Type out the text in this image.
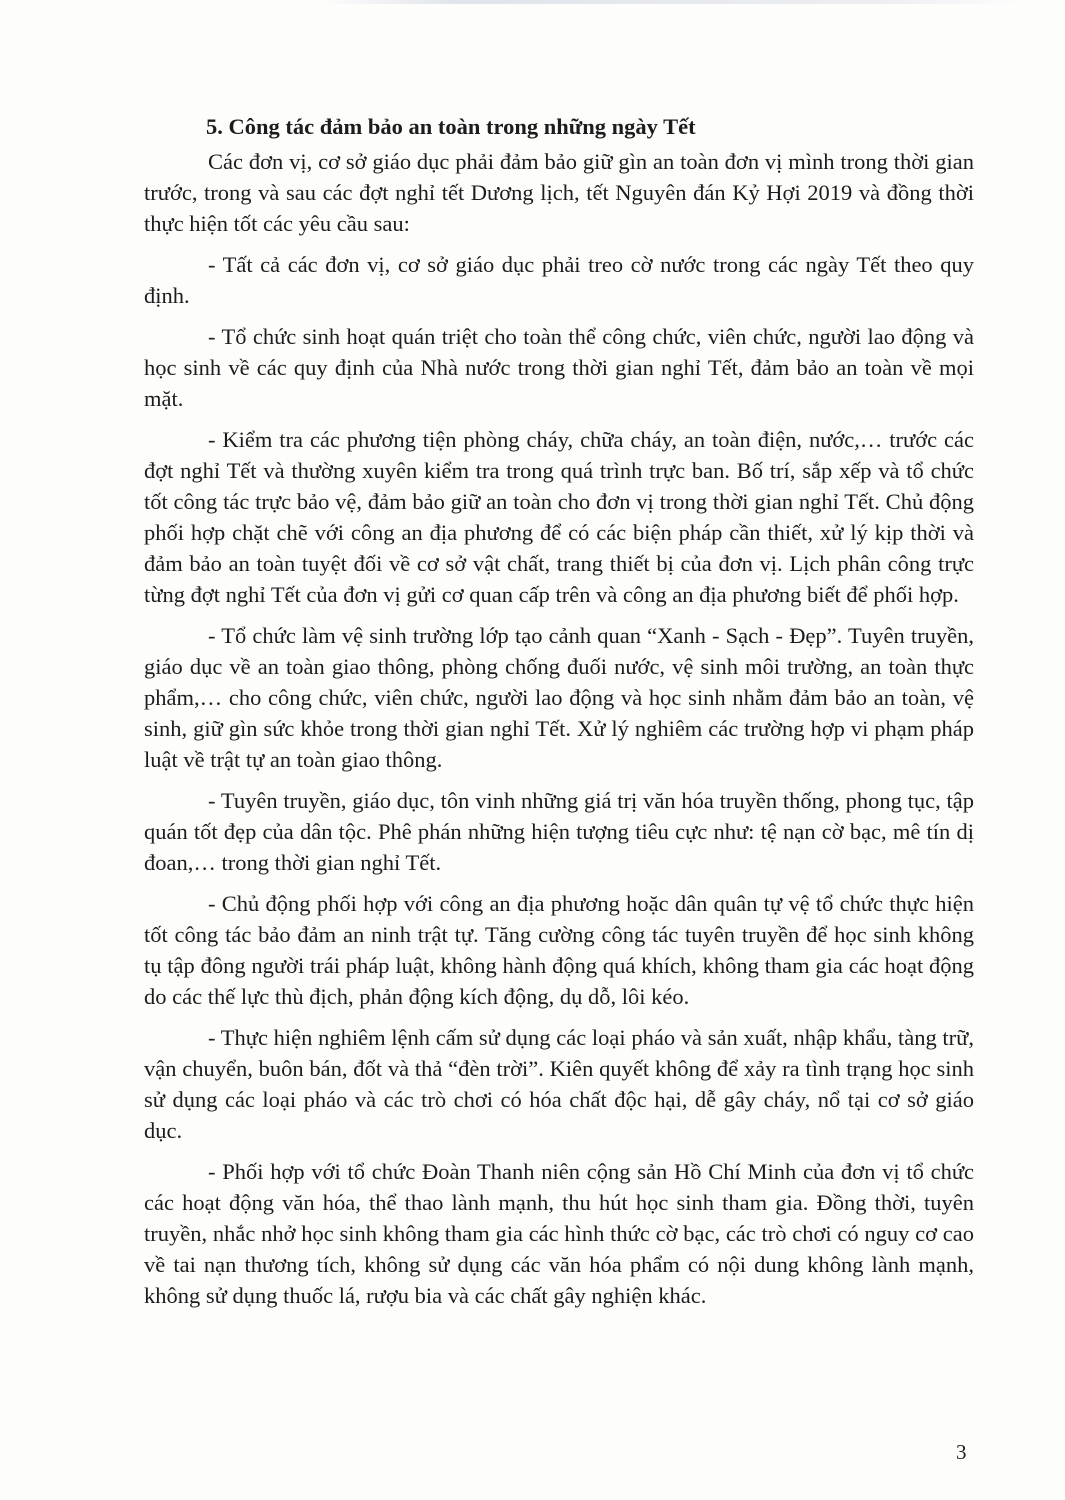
5. Công tác đảm bảo an toàn trong những ngày Tết

Các đơn vị, cơ sở giáo dục phải đảm bảo giữ gìn an toàn đơn vị mình trong thời gian trước, trong và sau các đợt nghỉ tết Dương lịch, tết Nguyên đán Kỷ Hợi 2019 và đồng thời thực hiện tốt các yêu cầu sau:

- Tất cả các đơn vị, cơ sở giáo dục phải treo cờ nước trong các ngày Tết theo quy định.

- Tổ chức sinh hoạt quán triệt cho toàn thể công chức, viên chức, người lao động và học sinh về các quy định của Nhà nước trong thời gian nghỉ Tết, đảm bảo an toàn về mọi mặt.

- Kiểm tra các phương tiện phòng cháy, chữa cháy, an toàn điện, nước,… trước các đợt nghỉ Tết và thường xuyên kiểm tra trong quá trình trực ban. Bố trí, sắp xếp và tổ chức tốt công tác trực bảo vệ, đảm bảo giữ an toàn cho đơn vị trong thời gian nghỉ Tết. Chủ động phối hợp chặt chẽ với công an địa phương để có các biện pháp cần thiết, xử lý kịp thời và đảm bảo an toàn tuyệt đối về cơ sở vật chất, trang thiết bị của đơn vị. Lịch phân công trực từng đợt nghỉ Tết của đơn vị gửi cơ quan cấp trên và công an địa phương biết để phối hợp.

- Tổ chức làm vệ sinh trường lớp tạo cảnh quan “Xanh - Sạch - Đẹp”. Tuyên truyền, giáo dục về an toàn giao thông, phòng chống đuối nước, vệ sinh môi trường, an toàn thực phẩm,… cho công chức, viên chức, người lao động và học sinh nhằm đảm bảo an toàn, vệ sinh, giữ gìn sức khỏe trong thời gian nghỉ Tết. Xử lý nghiêm các trường hợp vi phạm pháp luật về trật tự an toàn giao thông.

- Tuyên truyền, giáo dục, tôn vinh những giá trị văn hóa truyền thống, phong tục, tập quán tốt đẹp của dân tộc. Phê phán những hiện tượng tiêu cực như: tệ nạn cờ bạc, mê tín dị đoan,… trong thời gian nghỉ Tết.

- Chủ động phối hợp với công an địa phương hoặc dân quân tự vệ tổ chức thực hiện tốt công tác bảo đảm an ninh trật tự. Tăng cường công tác tuyên truyền để học sinh không tụ tập đông người trái pháp luật, không hành động quá khích, không tham gia các hoạt động do các thế lực thù địch, phản động kích động, dụ dỗ, lôi kéo.

- Thực hiện nghiêm lệnh cấm sử dụng các loại pháo và sản xuất, nhập khẩu, tàng trữ, vận chuyển, buôn bán, đốt và thả “đèn trời”. Kiên quyết không để xảy ra tình trạng học sinh sử dụng các loại pháo và các trò chơi có hóa chất độc hại, dễ gây cháy, nổ tại cơ sở giáo dục.

- Phối hợp với tổ chức Đoàn Thanh niên cộng sản Hồ Chí Minh của đơn vị tổ chức các hoạt động văn hóa, thể thao lành mạnh, thu hút học sinh tham gia. Đồng thời, tuyên truyền, nhắc nhở học sinh không tham gia các hình thức cờ bạc, các trò chơi có nguy cơ cao về tai nạn thương tích, không sử dụng các văn hóa phẩm có nội dung không lành mạnh, không sử dụng thuốc lá, rượu bia và các chất gây nghiện khác.

3
